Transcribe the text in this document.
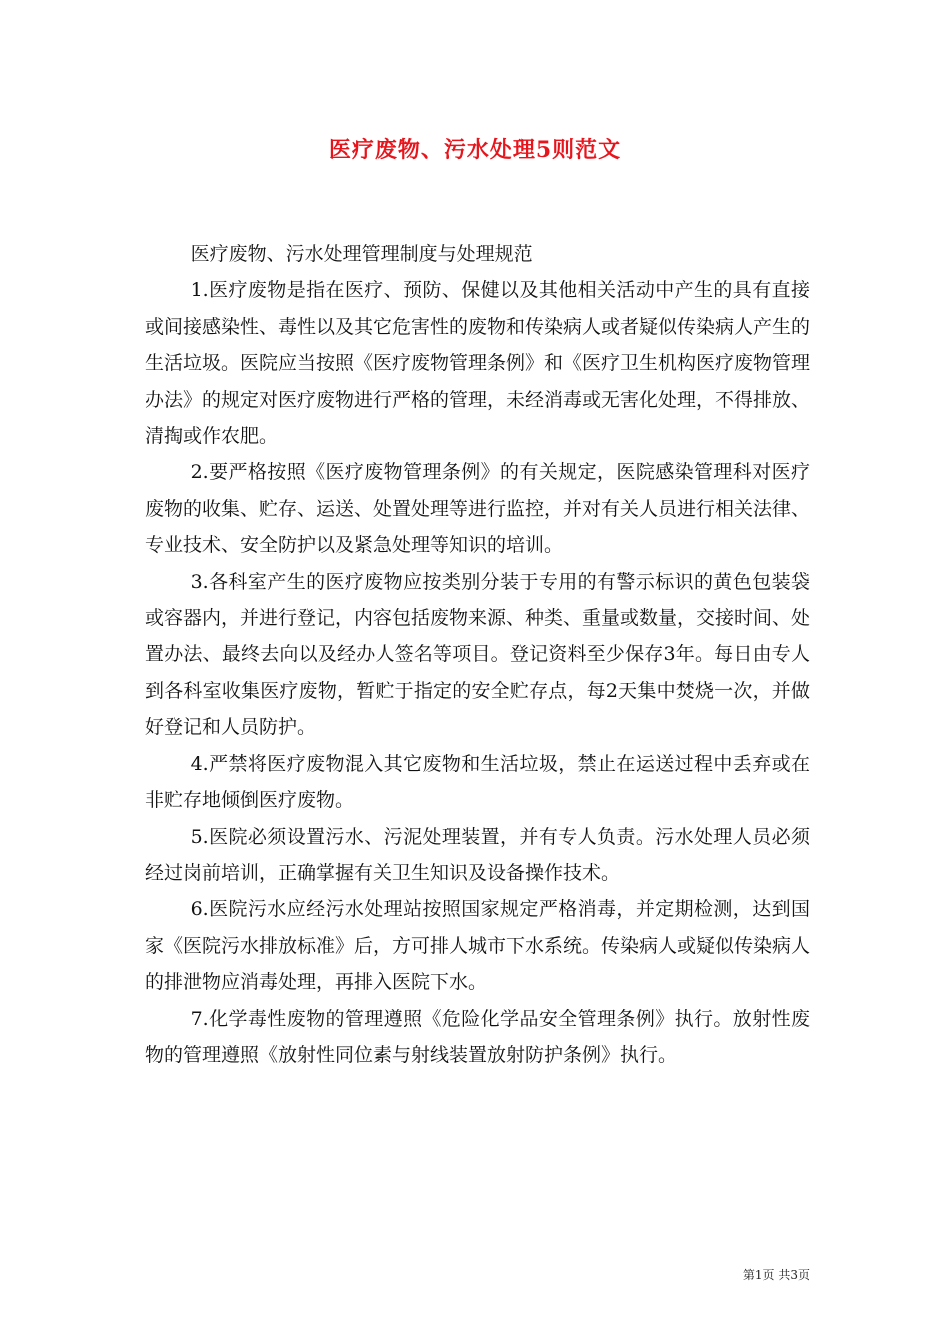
医疗废物、污水处理5则范文

医疗废物、污水处理管理制度与处理规范

1.医疗废物是指在医疗、预防、保健以及其他相关活动中产生的具有直接或间接感染性、毒性以及其它危害性的废物和传染病人或者疑似传染病人产生的生活垃圾。医院应当按照《医疗废物管理条例》和《医疗卫生机构医疗废物管理办法》的规定对医疗废物进行严格的管理，未经消毒或无害化处理，不得排放、清掏或作农肥。

2.要严格按照《医疗废物管理条例》的有关规定，医院感染管理科对医疗废物的收集、贮存、运送、处置处理等进行监控，并对有关人员进行相关法律、专业技术、安全防护以及紧急处理等知识的培训。

3.各科室产生的医疗废物应按类别分装于专用的有警示标识的黄色包装袋或容器内，并进行登记，内容包括废物来源、种类、重量或数量，交接时间、处置办法、最终去向以及经办人签名等项目。登记资料至少保存3年。每日由专人到各科室收集医疗废物，暂贮于指定的安全贮存点，每2天集中焚烧一次，并做好登记和人员防护。

4.严禁将医疗废物混入其它废物和生活垃圾，禁止在运送过程中丢弃或在非贮存地倾倒医疗废物。

5.医院必须设置污水、污泥处理装置，并有专人负责。污水处理人员必须经过岗前培训，正确掌握有关卫生知识及设备操作技术。

6.医院污水应经污水处理站按照国家规定严格消毒，并定期检测，达到国家《医院污水排放标准》后，方可排人城市下水系统。传染病人或疑似传染病人的排泄物应消毒处理，再排入医院下水。

7.化学毒性废物的管理遵照《危险化学品安全管理条例》执行。放射性废物的管理遵照《放射性同位素与射线装置放射防护条例》执行。

第1页 共3页
